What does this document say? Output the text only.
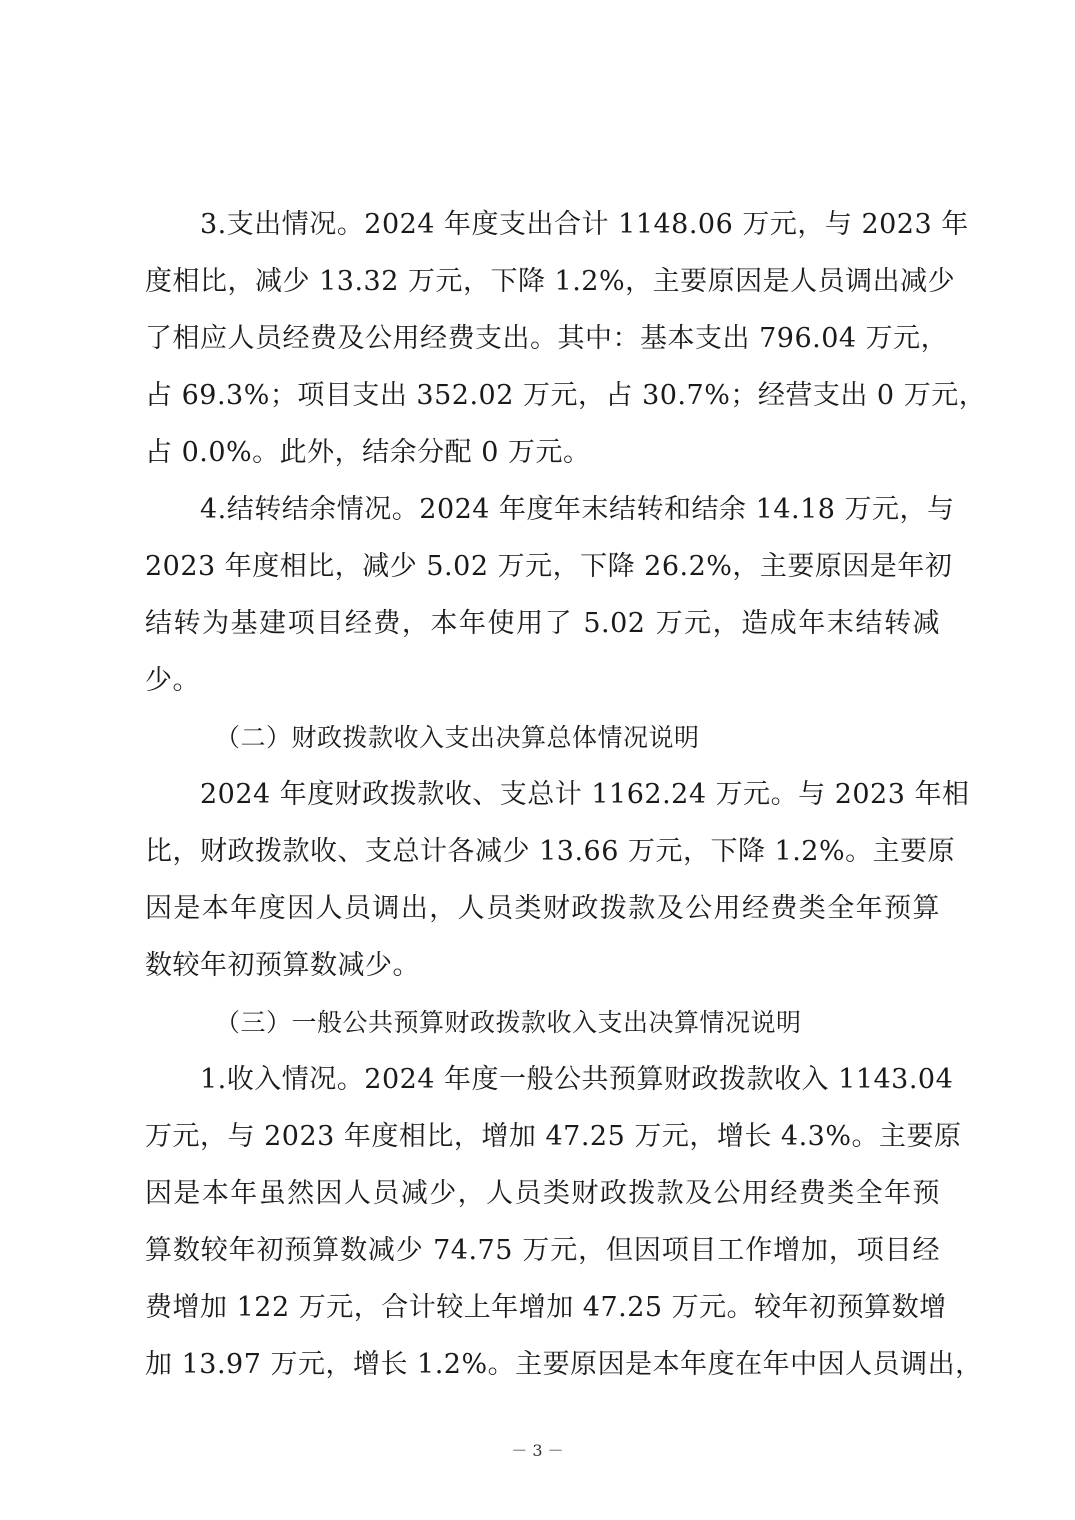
3.支出情况。2024 年度支出合计 1148.06 万元，与 2023 年
度相比，减少 13.32 万元，下降 1.2%，主要原因是人员调出减少
了相应人员经费及公用经费支出。其中：基本支出 796.04 万元，
占 69.3%；项目支出 352.02 万元，占 30.7%；经营支出 0 万元，
占 0.0%。此外，结余分配 0 万元。
4.结转结余情况。2024 年度年末结转和结余 14.18 万元，与
2023 年度相比，减少 5.02 万元，下降 26.2%，主要原因是年初
结转为基建项目经费，本年使用了 5.02 万元，造成年末结转减
少。
（二）财政拨款收入支出决算总体情况说明
2024 年度财政拨款收、支总计 1162.24 万元。与 2023 年相
比，财政拨款收、支总计各减少 13.66 万元，下降 1.2%。主要原
因是本年度因人员调出，人员类财政拨款及公用经费类全年预算
数较年初预算数减少。
（三）一般公共预算财政拨款收入支出决算情况说明
1.收入情况。2024 年度一般公共预算财政拨款收入 1143.04
万元，与 2023 年度相比，增加 47.25 万元，增长 4.3%。主要原
因是本年虽然因人员减少，人员类财政拨款及公用经费类全年预
算数较年初预算数减少 74.75 万元，但因项目工作增加，项目经
费增加 122 万元，合计较上年增加 47.25 万元。较年初预算数增
加 13.97 万元，增长 1.2%。主要原因是本年度在年中因人员调出，
－ 3 －
